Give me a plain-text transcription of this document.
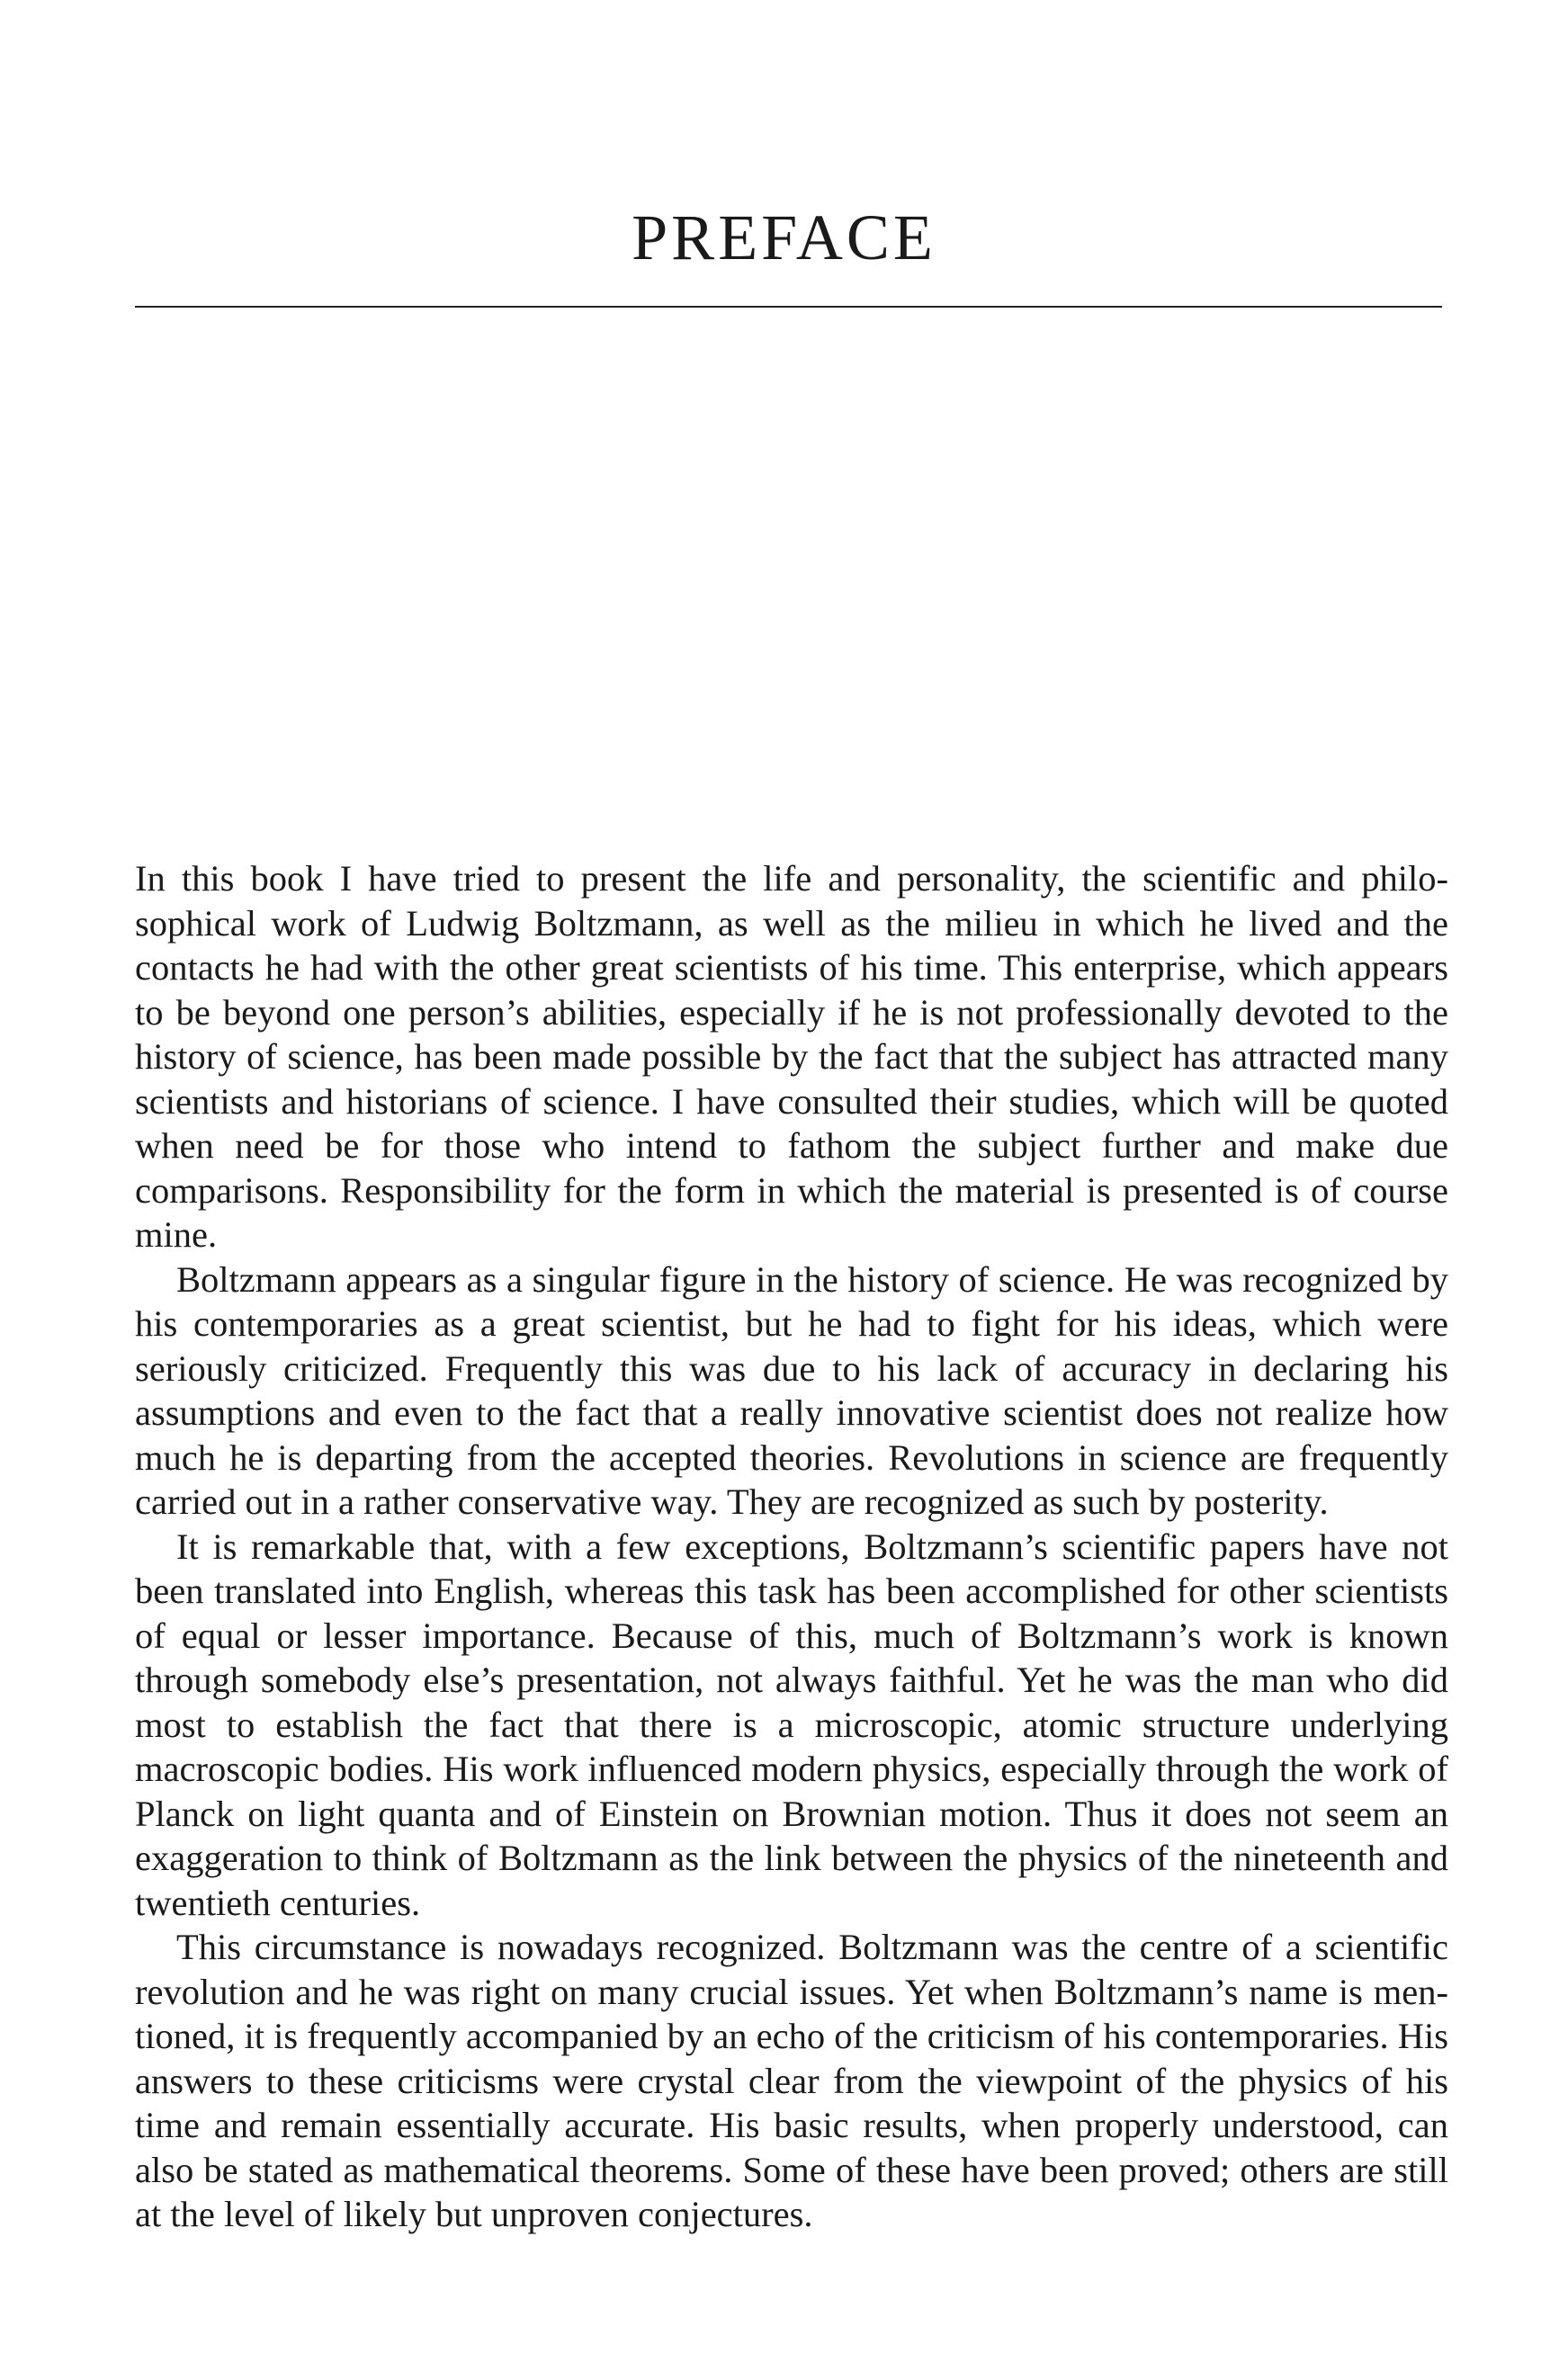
PREFACE

In this book I have tried to present the life and personality, the scientific and philosophical work of Ludwig Boltzmann, as well as the milieu in which he lived and the contacts he had with the other great scientists of his time. This enterprise, which appears to be beyond one person’s abilities, especially if he is not professionally devoted to the history of science, has been made possible by the fact that the subject has attracted many scientists and historians of science. I have consulted their studies, which will be quoted when need be for those who intend to fathom the subject further and make due comparisons. Responsibility for the form in which the material is presented is of course mine.

Boltzmann appears as a singular figure in the history of science. He was recognized by his contemporaries as a great scientist, but he had to fight for his ideas, which were seriously criticized. Frequently this was due to his lack of accuracy in declaring his assumptions and even to the fact that a really innovative scientist does not realize how much he is departing from the accepted theories. Revolutions in science are frequently carried out in a rather conservative way. They are recognized as such by posterity.

It is remarkable that, with a few exceptions, Boltzmann’s scientific papers have not been translated into English, whereas this task has been accomplished for other scientists of equal or lesser importance. Because of this, much of Boltzmann’s work is known through somebody else’s presentation, not always faithful. Yet he was the man who did most to establish the fact that there is a microscopic, atomic structure underlying macroscopic bodies. His work influenced modern physics, especially through the work of Planck on light quanta and of Einstein on Brownian motion. Thus it does not seem an exaggeration to think of Boltzmann as the link between the physics of the nineteenth and twentieth centuries.

This circumstance is nowadays recognized. Boltzmann was the centre of a scientific revolution and he was right on many crucial issues. Yet when Boltzmann’s name is mentioned, it is frequently accompanied by an echo of the criticism of his contemporaries. His answers to these criticisms were crystal clear from the viewpoint of the physics of his time and remain essentially accurate. His basic results, when properly understood, can also be stated as mathematical theorems. Some of these have been proved; others are still at the level of likely but unproven conjectures.
